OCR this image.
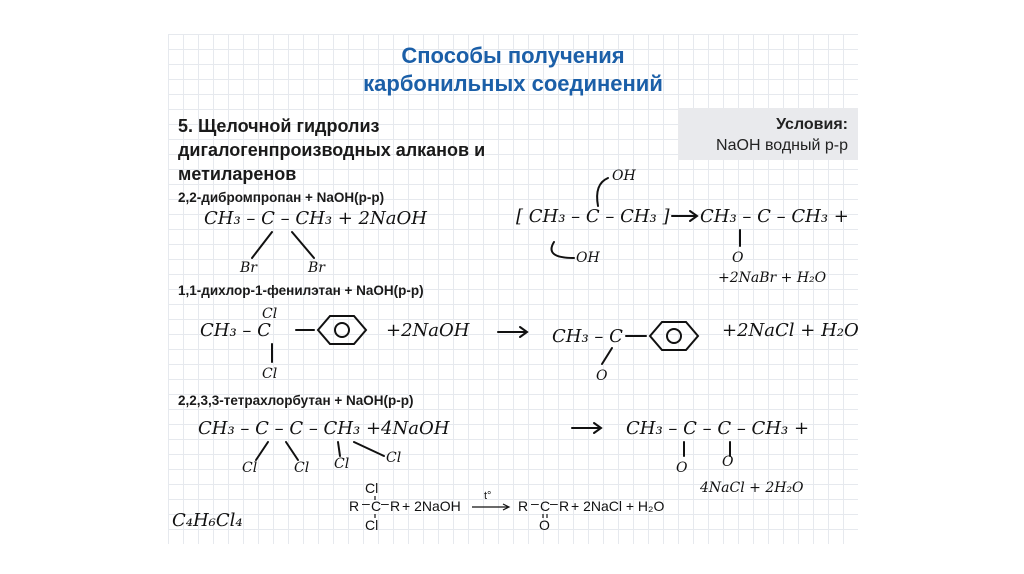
Способы получения
карбонильных соединений
5. Щелочной гидролиз дигалогенпроизводных алканов и метиларенов
Условия:
NaOH водный р-р
2,2-дибромпропан + NaOH(р-р)
1,1-дихлор-1-фенилэтан + NaOH(р-р)
2,2,3,3-тетрахлорбутан + NaOH(р-р)
CH₃ – C – CH₃ + 2NaOH
Br	Br
[ CH₃ – C – CH₃ ]
OH
OH
CH₃ – C – CH₃ +
O
+2NaBr + H₂O
CH₃ – C
Cl
Cl
+2NaOH	CH₃ – C
O
+2NaCl + H₂O
CH₃ – C – C – CH₃ +4NaOH
Cl	Cl Cl	Cl
CH₃ – C – C – CH₃ +
O O
4NaCl + 2H₂O
C₄H₆Cl₄
R – C – R
Cl
Cl
+ 2NaOH
t°
R – C – R
O
+ 2NaCl + H₂O
